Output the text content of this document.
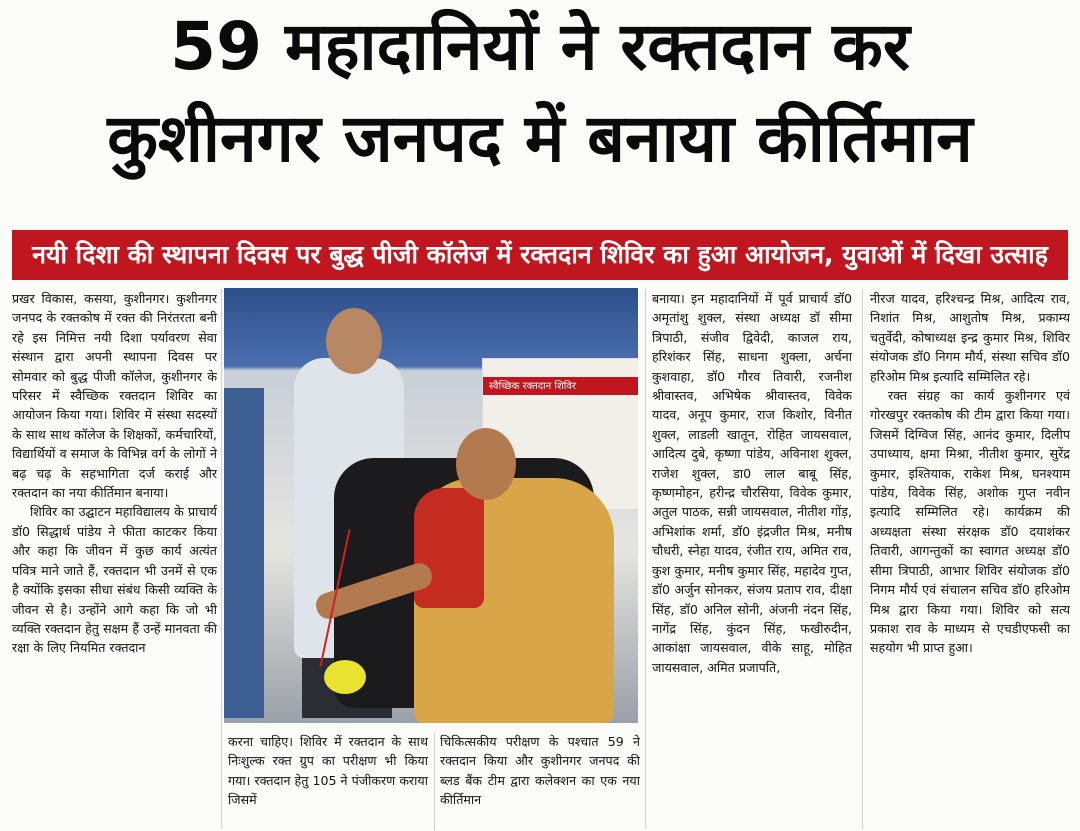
59 महादानियों ने रक्तदान कर
कुशीनगर जनपद में बनाया कीर्तिमान
नयी दिशा की स्थापना दिवस पर बुद्ध पीजी कॉलेज में रक्तदान शिविर का हुआ आयोजन, युवाओं में दिखा उत्साह

प्रखर विकास, कसया, कुशीनगर। कुशीनगर जनपद के रक्तकोष में रक्त की निरंतरता बनी रहे इस निमित्त नयी दिशा पर्यावरण सेवा संस्थान द्वारा अपनी स्थापना दिवस पर सोमवार को बुद्ध पीजी कॉलेज, कुशीनगर के परिसर में स्वैच्छिक रक्तदान शिविर का आयोजन किया गया। शिविर में संस्था सदस्यों के साथ साथ कॉलेज के शिक्षकों, कर्मचारियों, विद्यार्थियों व समाज के विभिन्न वर्ग के लोगों ने बढ़ चढ़ के सहभागिता दर्ज कराई और रक्तदान का नया कीर्तिमान बनाया।

शिविर का उद्घाटन महाविद्यालय के प्राचार्य डॉ0 सिद्धार्थ पांडेय ने फीता काटकर किया और कहा कि जीवन में कुछ कार्य अत्यंत पवित्र माने जाते हैं, रक्तदान भी उनमें से एक है क्योंकि इसका सीधा संबंध किसी व्यक्ति के जीवन से है। उन्होंने आगे कहा कि जो भी व्यक्ति रक्तदान हेतु सक्षम हैं उन्हें मानवता की रक्षा के लिए नियमित रक्तदान

स्वैच्छिक रक्तदान शिविर

करना चाहिए। शिविर में रक्तदान के साथ निःशुल्क रक्त ग्रुप का परीक्षण भी किया गया। रक्तदान हेतु 105 ने पंजीकरण कराया जिसमें

चिकित्सकीय परीक्षण के पश्चात 59 ने रक्तदान किया और कुशीनगर जनपद की ब्लड बैंक टीम द्वारा कलेक्शन का एक नया कीर्तिमान

बनाया। इन महादानियों में पूर्व प्राचार्य डॉ0 अमृतांशु शुक्ल, संस्था अध्यक्ष डॉ सीमा त्रिपाठी, संजीव द्विवेदी, काजल राय, हरिशंकर सिंह, साधना शुक्ला, अर्चना कुशवाहा, डॉ0 गौरव तिवारी, रजनीश श्रीवास्तव, अभिषेक श्रीवास्तव, विवेक यादव, अनूप कुमार, राज किशोर, विनीत शुक्ल, लाडली खातून, रोहित जायसवाल, आदित्य दुबे, कृष्णा पांडेय, अविनाश शुक्ल, राजेश शुक्ल, डा0 लाल बाबू सिंह, कृष्णमोहन, हरीन्द्र चौरसिया, विवेक कुमार, अतुल पाठक, सन्नी जायसवाल, नीतीश गोंड़, अभिशांक शर्मा, डॉ0 इंद्रजीत मिश्र, मनीष चौधरी, स्नेहा यादव, रंजीत राय, अमित राव, कुश कुमार, मनीष कुमार सिंह, महादेव गुप्त, डॉ0 अर्जुन सोनकर, संजय प्रताप राव, दीक्षा सिंह, डॉ0 अनिल सोनी, अंजनी नंदन सिंह, नागेंद्र सिंह, कुंदन सिंह, फखीरुदीन, आकांक्षा जायसवाल, वीके साहू, मोहित जायसवाल, अमित प्रजापति,

नीरज यादव, हरिश्चन्द्र मिश्र, आदित्य राव, निशांत मिश्र, आशुतोष मिश्र, प्रकाम्य चतुर्वेदी, कोषाध्यक्ष इन्द्र कुमार मिश्र, शिविर संयोजक डॉ0 निगम मौर्य, संस्था सचिव डॉ0 हरिओम मिश्र इत्यादि सम्मिलित रहे।

रक्त संग्रह का कार्य कुशीनगर एवं गोरखपुर रक्तकोष की टीम द्वारा किया गया। जिसमें दिग्विज सिंह, आनंद कुमार, दिलीप उपाध्याय, क्षमा मिश्रा, नीतीश कुमार, सुरेंद्र कुमार, इश्तियाक, राकेश मिश्र, घनश्याम पांडेय, विवेक सिंह, अशोक गुप्त नवीन इत्यादि सम्मिलित रहे। कार्यक्रम की अध्यक्षता संस्था संरक्षक डॉ0 दयाशंकर तिवारी, आगन्तुकों का स्वागत अध्यक्ष डॉ0 सीमा त्रिपाठी, आभार शिविर संयोजक डॉ0 निगम मौर्य एवं संचालन सचिव डॉ0 हरिओम मिश्र द्वारा किया गया। शिविर को सत्य प्रकाश राव के माध्यम से एचडीएफसी का सहयोग भी प्राप्त हुआ।
